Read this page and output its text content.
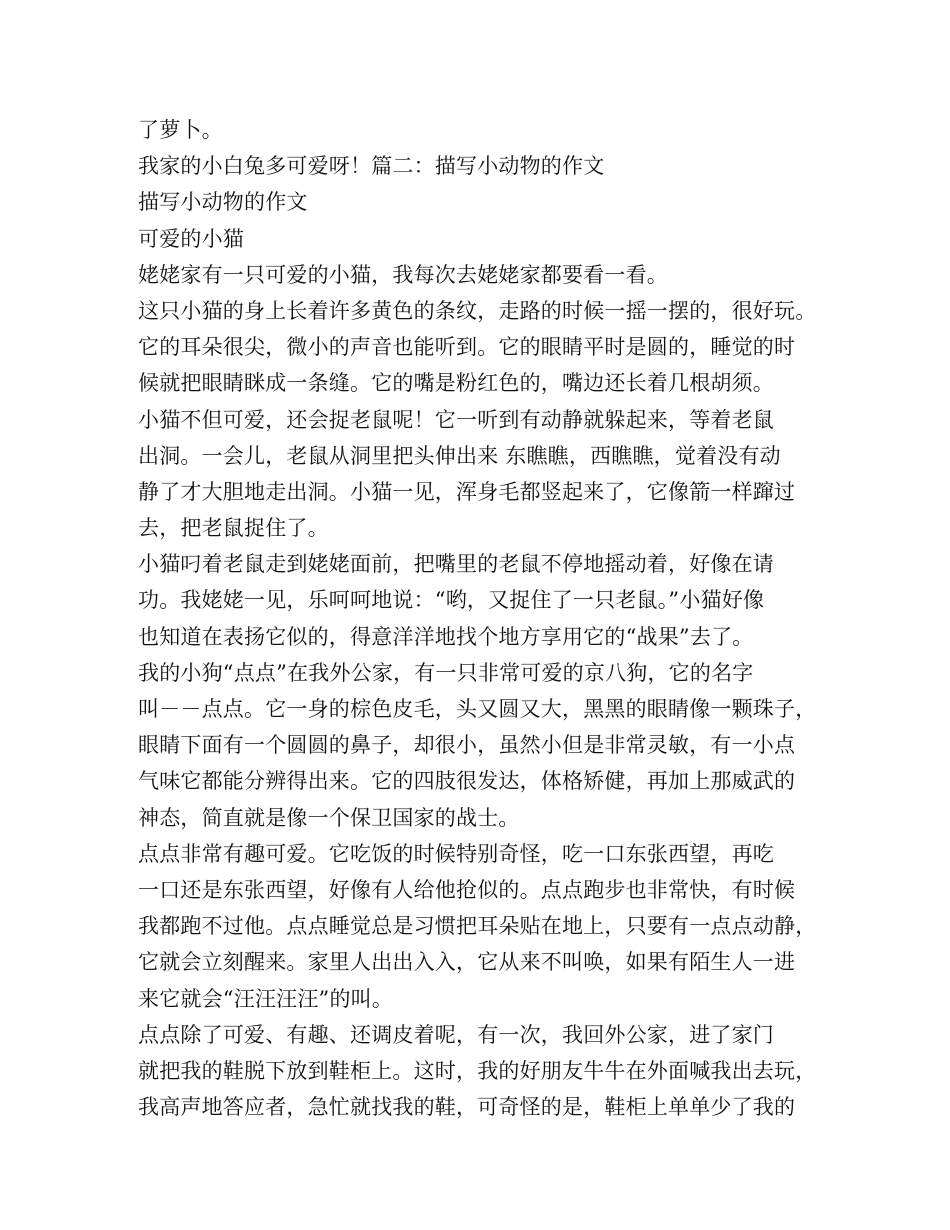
了萝卜。
我家的小白兔多可爱呀！篇二：描写小动物的作文
描写小动物的作文
可爱的小猫
姥姥家有一只可爱的小猫，我每次去姥姥家都要看一看。
这只小猫的身上长着许多黄色的条纹，走路的时候一摇一摆的，很好玩。
它的耳朵很尖，微小的声音也能听到。它的眼睛平时是圆的，睡觉的时
候就把眼睛眯成一条缝。它的嘴是粉红色的，嘴边还长着几根胡须。
小猫不但可爱，还会捉老鼠呢！它一听到有动静就躲起来，等着老鼠
出洞。一会儿，老鼠从洞里把头伸出来 东瞧瞧，西瞧瞧，觉着没有动
静了才大胆地走出洞。小猫一见，浑身毛都竖起来了，它像箭一样蹿过
去，把老鼠捉住了。
小猫叼着老鼠走到姥姥面前，把嘴里的老鼠不停地摇动着，好像在请
功。我姥姥一见，乐呵呵地说：“哟，又捉住了一只老鼠。”小猫好像
也知道在表扬它似的，得意洋洋地找个地方享用它的“战果”去了。
我的小狗“点点”在我外公家，有一只非常可爱的京八狗，它的名字
叫－－点点。它一身的棕色皮毛，头又圆又大，黑黑的眼睛像一颗珠子，
眼睛下面有一个圆圆的鼻子，却很小，虽然小但是非常灵敏，有一小点
气味它都能分辨得出来。它的四肢很发达，体格矫健，再加上那威武的
神态，简直就是像一个保卫国家的战士。
点点非常有趣可爱。它吃饭的时候特别奇怪，吃一口东张西望，再吃
一口还是东张西望，好像有人给他抢似的。点点跑步也非常快，有时候
我都跑不过他。点点睡觉总是习惯把耳朵贴在地上，只要有一点点动静，
它就会立刻醒来。家里人出出入入，它从来不叫唤，如果有陌生人一进
来它就会“汪汪汪汪”的叫。
点点除了可爱、有趣、还调皮着呢，有一次，我回外公家，进了家门
就把我的鞋脱下放到鞋柜上。这时，我的好朋友牛牛在外面喊我出去玩，
我高声地答应者，急忙就找我的鞋，可奇怪的是，鞋柜上单单少了我的
